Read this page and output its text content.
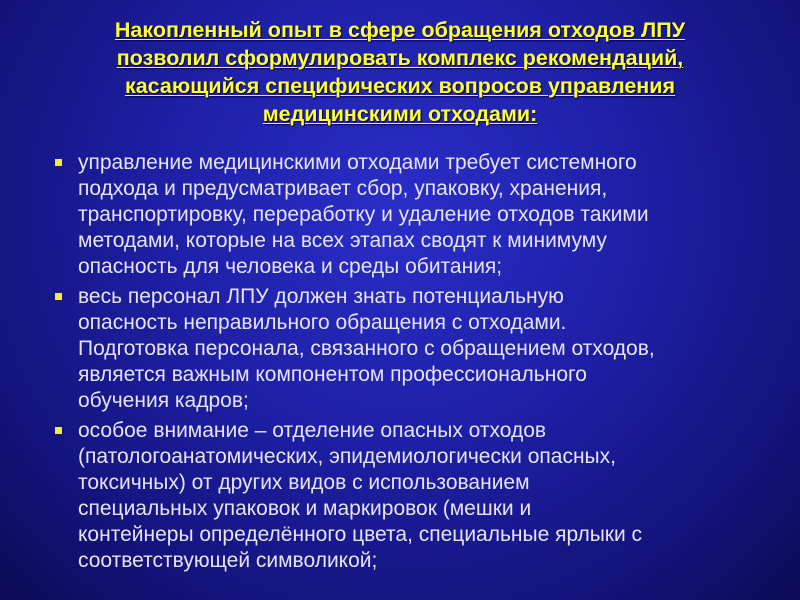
Накопленный опыт в сфере обращения отходов ЛПУ
позволил сформулировать комплекс рекомендаций,
касающийся специфических вопросов управления
медицинскими отходами:
управление медицинскими отходами требует системного
подхода и предусматривает сбор, упаковку, хранения,
транспортировку, переработку и удаление отходов такими
методами, которые на всех этапах сводят к минимуму
опасность для человека и среды обитания;
весь персонал ЛПУ должен знать потенциальную
опасность неправильного обращения с отходами.
Подготовка персонала, связанного с обращением отходов,
является важным компонентом профессионального
обучения кадров;
особое внимание – отделение опасных отходов
(патологоанатомических, эпидемиологически опасных,
токсичных) от других видов с использованием
специальных упаковок и маркировок (мешки и
контейнеры определённого цвета, специальные ярлыки с
соответствующей символикой;
